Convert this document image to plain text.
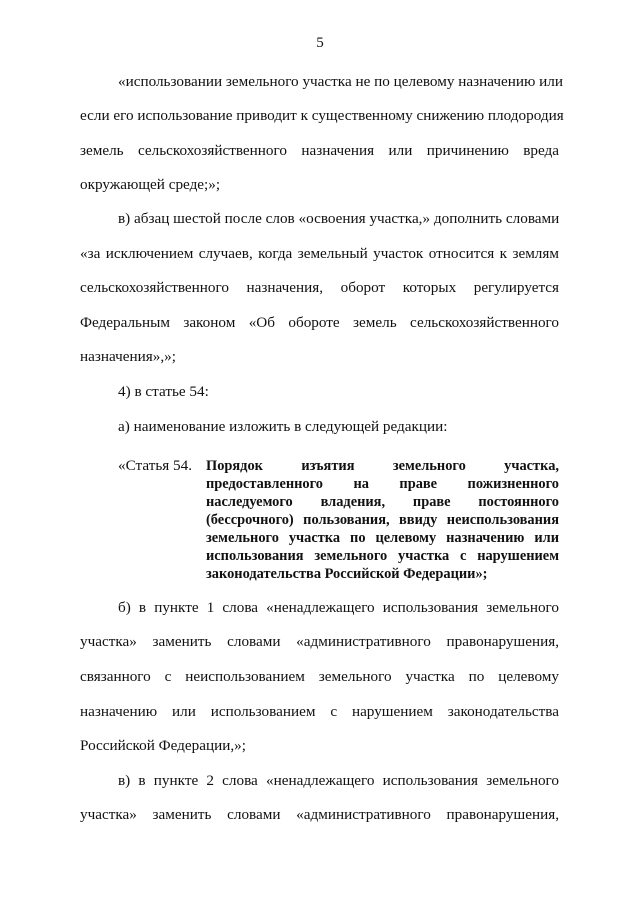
5
«использовании земельного участка не по целевому назначению или
если его использование приводит к существенному снижению плодородия
земель сельскохозяйственного назначения или причинению вреда
окружающей среде;»;
в) абзац шестой после слов «освоения участка,» дополнить словами
«за исключением случаев, когда земельный участок относится к землям
сельскохозяйственного назначения, оборот которых регулируется
Федеральным законом «Об обороте земель сельскохозяйственного
назначения»,»;
4) в статье 54:
а) наименование изложить в следующей редакции:
«Статья 54. Порядок изъятия земельного участка,
предоставленного на праве пожизненного
наследуемого владения, праве постоянного
(бессрочного) пользования, ввиду неиспользования
земельного участка по целевому назначению или
использования земельного участка с нарушением
законодательства Российской Федерации»;
б) в пункте 1 слова «ненадлежащего использования земельного
участка» заменить словами «административного правонарушения,
связанного с неиспользованием земельного участка по целевому
назначению или использованием с нарушением законодательства
Российской Федерации,»;
в) в пункте 2 слова «ненадлежащего использования земельного
участка» заменить словами «административного правонарушения,
